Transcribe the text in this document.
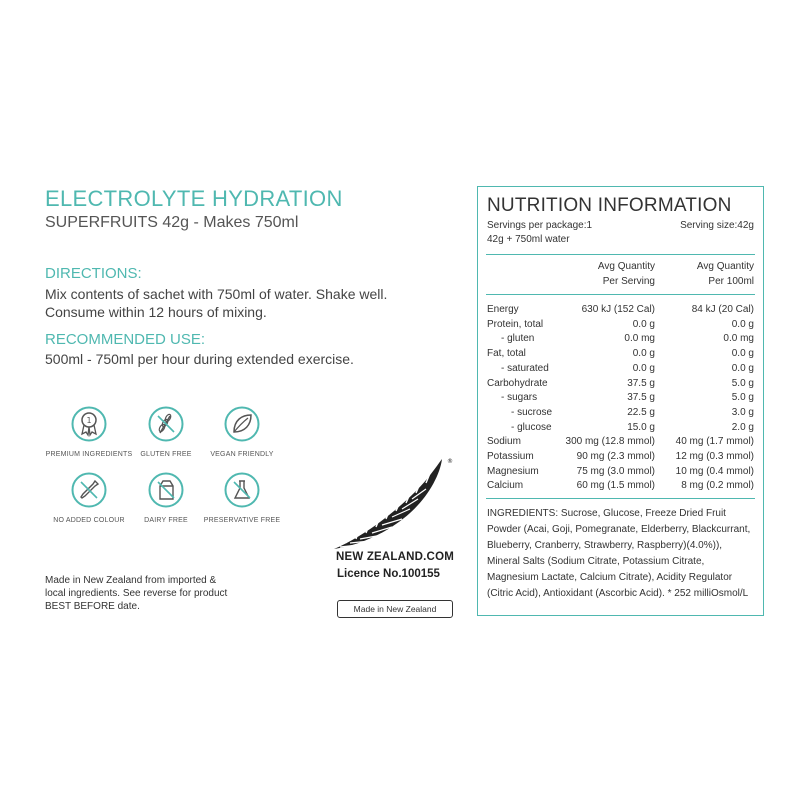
ELECTROLYTE HYDRATION
SUPERFRUITS 42g - Makes 750ml
DIRECTIONS:
Mix contents of sachet with 750ml of water. Shake well.
Consume within 12 hours of mixing.
RECOMMENDED USE:
500ml - 750ml per hour during extended exercise.
1
PREMIUM INGREDIENTS	GLUTEN FREE	VEGAN FRIENDLY
NO ADDED COLOUR	DAIRY FREE	PRESERVATIVE FREE
Made in New Zealand from imported &
local ingredients. See reverse for product
BEST BEFORE date.
®
NEW ZEALAND.COM
Licence No.100155
Made in New Zealand
NUTRITION INFORMATION
Servings per package:1	Serving size:42g
42g + 750ml water
Avg Quantity
Per Serving
Avg Quantity
Per 100ml
Energy	630 kJ (152 Cal)	84 kJ (20 Cal)
Protein, total	0.0 g	0.0 g
- gluten	0.0 mg	0.0 mg
Fat, total	0.0 g	0.0 g
- saturated	0.0 g	0.0 g
Carbohydrate	37.5 g	5.0 g
- sugars	37.5 g	5.0 g
- sucrose	22.5 g	3.0 g
- glucose	15.0 g	2.0 g
Sodium	300 mg (12.8 mmol) 40 mg (1.7 mmol)
Potassium	90 mg (2.3 mmol) 12 mg (0.3 mmol)
Magnesium	75 mg (3.0 mmol) 10 mg (0.4 mmol)
Calcium	60 mg (1.5 mmol)	8 mg (0.2 mmol)
INGREDIENTS: Sucrose, Glucose, Freeze Dried Fruit Powder (Acai, Goji, Pomegranate, Elderberry, Blackcurrant, Blueberry, Cranberry, Strawberry, Raspberry)(4.0%)), Mineral Salts (Sodium Citrate, Potassium Citrate, Magnesium Lactate, Calcium Citrate), Acidity Regulator (Citric Acid), Antioxidant (Ascorbic Acid). * 252 milliOsmol/L
